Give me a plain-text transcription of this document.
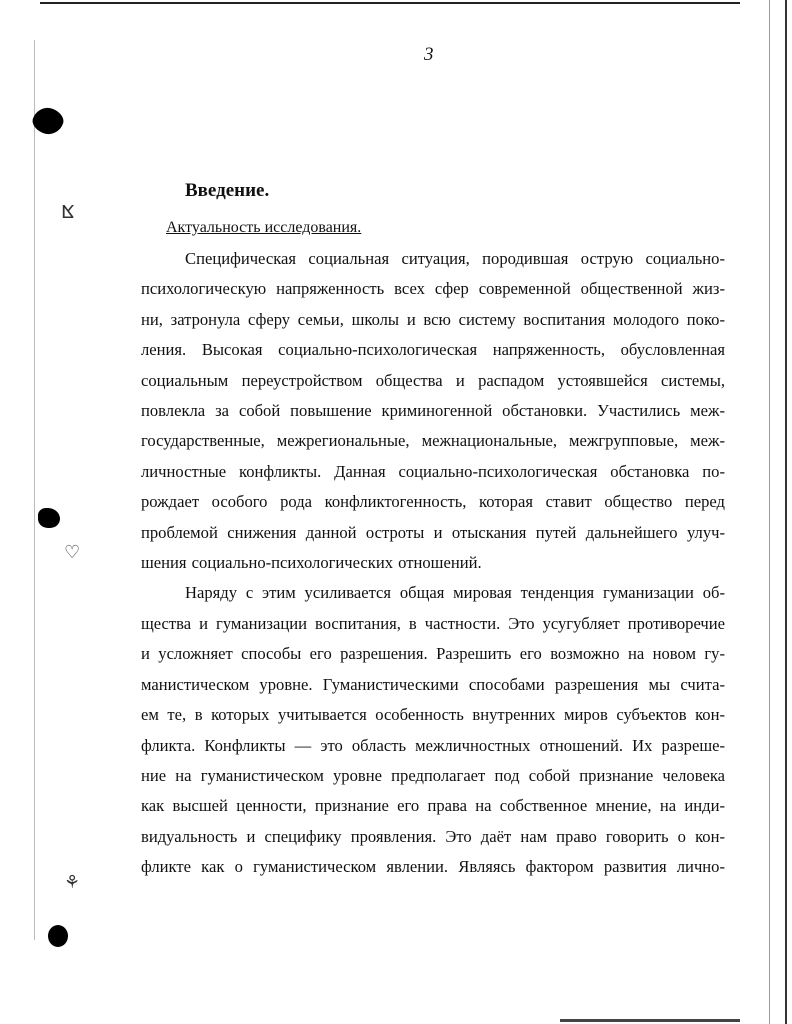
ⴿ
♡
⚘
3
Введение.
Актуальность исследования.

Специфическая социальная ситуация, породившая острую социально-
психологическую напряженность всех сфер современной общественной жиз-
ни, затронула сферу семьи, школы и всю систему воспитания молодого поко-
ления. Высокая социально-психологическая напряженность, обусловленная
социальным переустройством общества и распадом устоявшейся системы,
повлекла за собой повышение криминогенной обстановки. Участились меж-
государственные, межрегиональные, межнациональные, межгрупповые, меж-
личностные конфликты. Данная социально-психологическая обстановка по-
рождает особого рода конфликтогенность, которая ставит общество перед
проблемой снижения данной остроты и отыскания путей дальнейшего улуч-
шения социально-психологических отношений.

Наряду с этим усиливается общая мировая тенденция гуманизации об-
щества и гуманизации воспитания, в частности. Это усугубляет противоречие
и усложняет способы его разрешения. Разрешить его возможно на новом гу-
манистическом уровне. Гуманистическими способами разрешения мы счита-
ем те, в которых учитывается особенность внутренних миров субъектов кон-
фликта. Конфликты — это область межличностных отношений. Их разреше-
ние на гуманистическом уровне предполагает под собой признание человека
как высшей ценности, признание его права на собственное мнение, на инди-
видуальность и специфику проявления. Это даёт нам право говорить о кон-
фликте как о гуманистическом явлении. Являясь фактором развития лично-
